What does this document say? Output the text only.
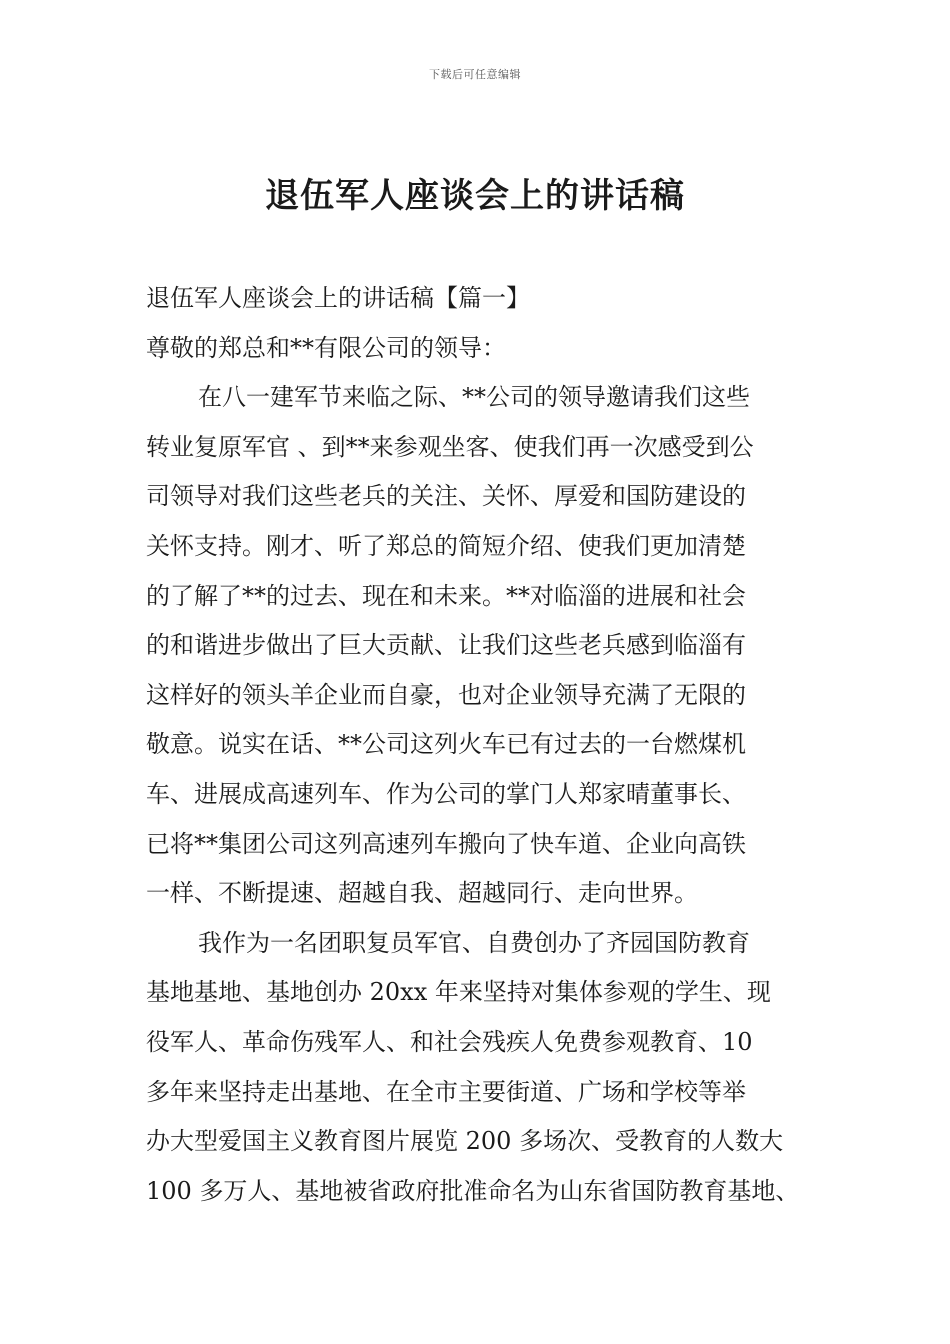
下载后可任意编辑
退伍军人座谈会上的讲话稿
退伍军人座谈会上的讲话稿【篇一】
尊敬的郑总和**有限公司的领导：
在八一建军节来临之际、**公司的领导邀请我们这些
转业复原军官 、到**来参观坐客、使我们再一次感受到公
司领导对我们这些老兵的关注、关怀、厚爱和国防建设的
关怀支持。刚才、听了郑总的简短介绍、使我们更加清楚
的了解了**的过去、现在和未来。**对临淄的进展和社会
的和谐进步做出了巨大贡献、让我们这些老兵感到临淄有
这样好的领头羊企业而自豪，也对企业领导充满了无限的
敬意。说实在话、**公司这列火车已有过去的一台燃煤机
车、进展成高速列车、作为公司的掌门人郑家晴董事长、
已将**集团公司这列高速列车搬向了快车道、企业向高铁
一样、不断提速、超越自我、超越同行、走向世界。
我作为一名团职复员军官、自费创办了齐园国防教育
基地基地、基地创办 20xx 年来坚持对集体参观的学生、现
役军人、革命伤残军人、和社会残疾人免费参观教育、10
多年来坚持走出基地、在全市主要街道、广场和学校等举
办大型爱国主义教育图片展览 200 多场次、受教育的人数大
100 多万人、基地被省政府批准命名为山东省国防教育基地、
